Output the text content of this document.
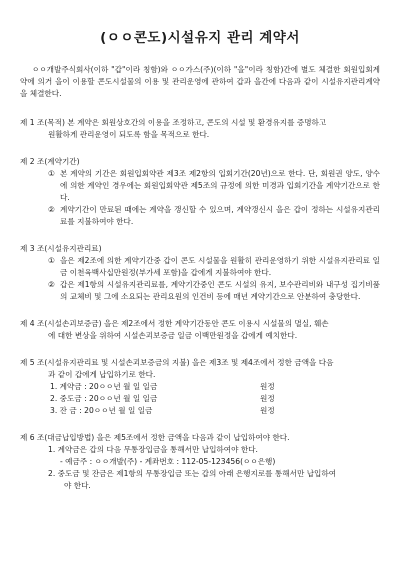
(ㅇㅇ콘도)시설유지 관리 계약서
ㅇㅇ개발주식회사(이하 "갑"이라 칭함)와 ㅇㅇ가스(주)(이하 "을"이라 칭함)간에 별도 체결한 회원입회계약에 의거 을이 이용할 콘도시설물의 이용 및 관리운영에 관하여 갑과 을간에 다음과 같이 시설유지관리계약을 체결한다.
제 1 조(목적) 본 계약은 회원상호간의 이용을 조정하고, 콘도의 시설 및 환경유지를 증명하고
원활하게 관리운영이 되도록 함을 목적으로 한다.
제 2 조(계약기간)
① 본 계약의 기간은 회원입회약관 제3조 제2항의 입회기간(20년)으로 한다. 단, 회원권 양도, 양수에 의한 계약인 경우에는 회원입회약관 제5조의 규정에 의한 미경과 입회기간을 계약기간으로 한다.
② 계약기간이 만료된 때에는 계약을 갱신할 수 있으며, 계약갱신시 을은 갑이 정하는 시설유지관리료를 지불하여야 한다.
제 3 조(시설유지관리료)
① 을은 제2조에 의한 계약기간중 갑이 콘도 시설물을 원활히 관리운영하기 위한 시설유지관리료 일금 이천육백사십만원정(부가세 포함)을 갑에게 지불하여야 한다.
② 갑은 제1항의 시설유지관리료를, 계약기간중인 콘도 시설의 유지, 보수관리비와 내구성 집기비품의 교체비 및 그에 소요되는 관리요원의 인건비 등에 매년 계약기간으로 안분하여 충당한다.
제 4 조(시설손괴보증금) 을은 제2조에서 정한 계약기간동안 콘도 이용시 시설물의 멸실, 훼손
에 대한 변상을 위하여 시설손괴보증금 일금 이백만원정을 갑에게 예치한다.
제 5 조(시설유지관리료 및 시설손괴보증금의 지불) 을은 제3조 및 제4조에서 정한 금액을 다음
과 같이 갑에게 납입하기로 한다.
1. 계약금 : 20ㅇㅇ년 월 일 일금	원정
2. 중도금 : 20ㅇㅇ년 월 일 일금	원정
3. 잔 금 : 20ㅇㅇ년 월 일 일금	원정
제 6 조(대금납입방법) 을은 제5조에서 정한 금액을 다음과 같이 납입하여야 한다.
1. 계약금은 갑의 다음 무통장입금을 통해서만 납입하여야 한다.
- 예금주 : ㅇㅇ개발(주) - 계좌번호 : 112-05-123456(ㅇㅇ은행)
2. 중도금 및 잔금은 제1항의 무통장입금 또는 갑의 아래 은행지로를 통해서만 납입하여
야 한다.
